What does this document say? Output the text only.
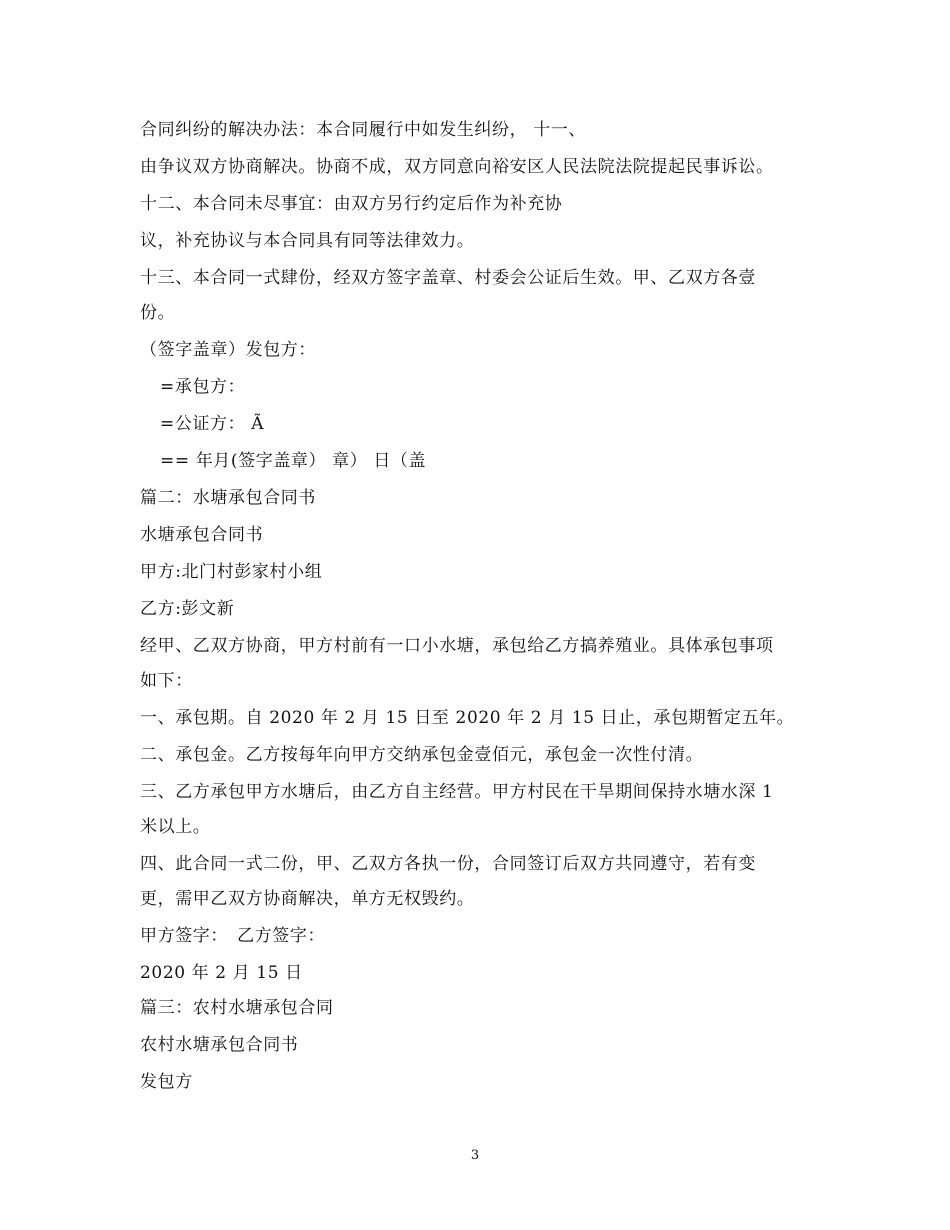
合同纠纷的解决办法：本合同履行中如发生纠纷， 十一、
由争议双方协商解决。协商不成，双方同意向裕安区人民法院法院提起民事诉讼。
十二、本合同未尽事宜：由双方另行约定后作为补充协
议，补充协议与本合同具有同等法律效力。
十三、本合同一式肆份，经双方签字盖章、村委会公证后生效。甲、乙双方各壹
份。
（签字盖章）发包方：
=承包方：
=公证方： Ã
== 年月(签字盖章） 章） 日（盖
篇二：水塘承包合同书
水塘承包合同书
甲方:北门村彭家村小组
乙方:彭文新
经甲、乙双方协商，甲方村前有一口小水塘，承包给乙方搞养殖业。具体承包事项
如下：
一、承包期。自 2020 年 2 月 15 日至 2020 年 2 月 15 日止，承包期暂定五年。
二、承包金。乙方按每年向甲方交纳承包金壹佰元，承包金一次性付清。
三、乙方承包甲方水塘后，由乙方自主经营。甲方村民在干旱期间保持水塘水深 1
米以上。
四、此合同一式二份，甲、乙双方各执一份，合同签订后双方共同遵守，若有变
更，需甲乙双方协商解决，单方无权毁约。
甲方签字：　乙方签字：
2020 年 2 月 15 日
篇三：农村水塘承包合同
农村水塘承包合同书
发包方
3
